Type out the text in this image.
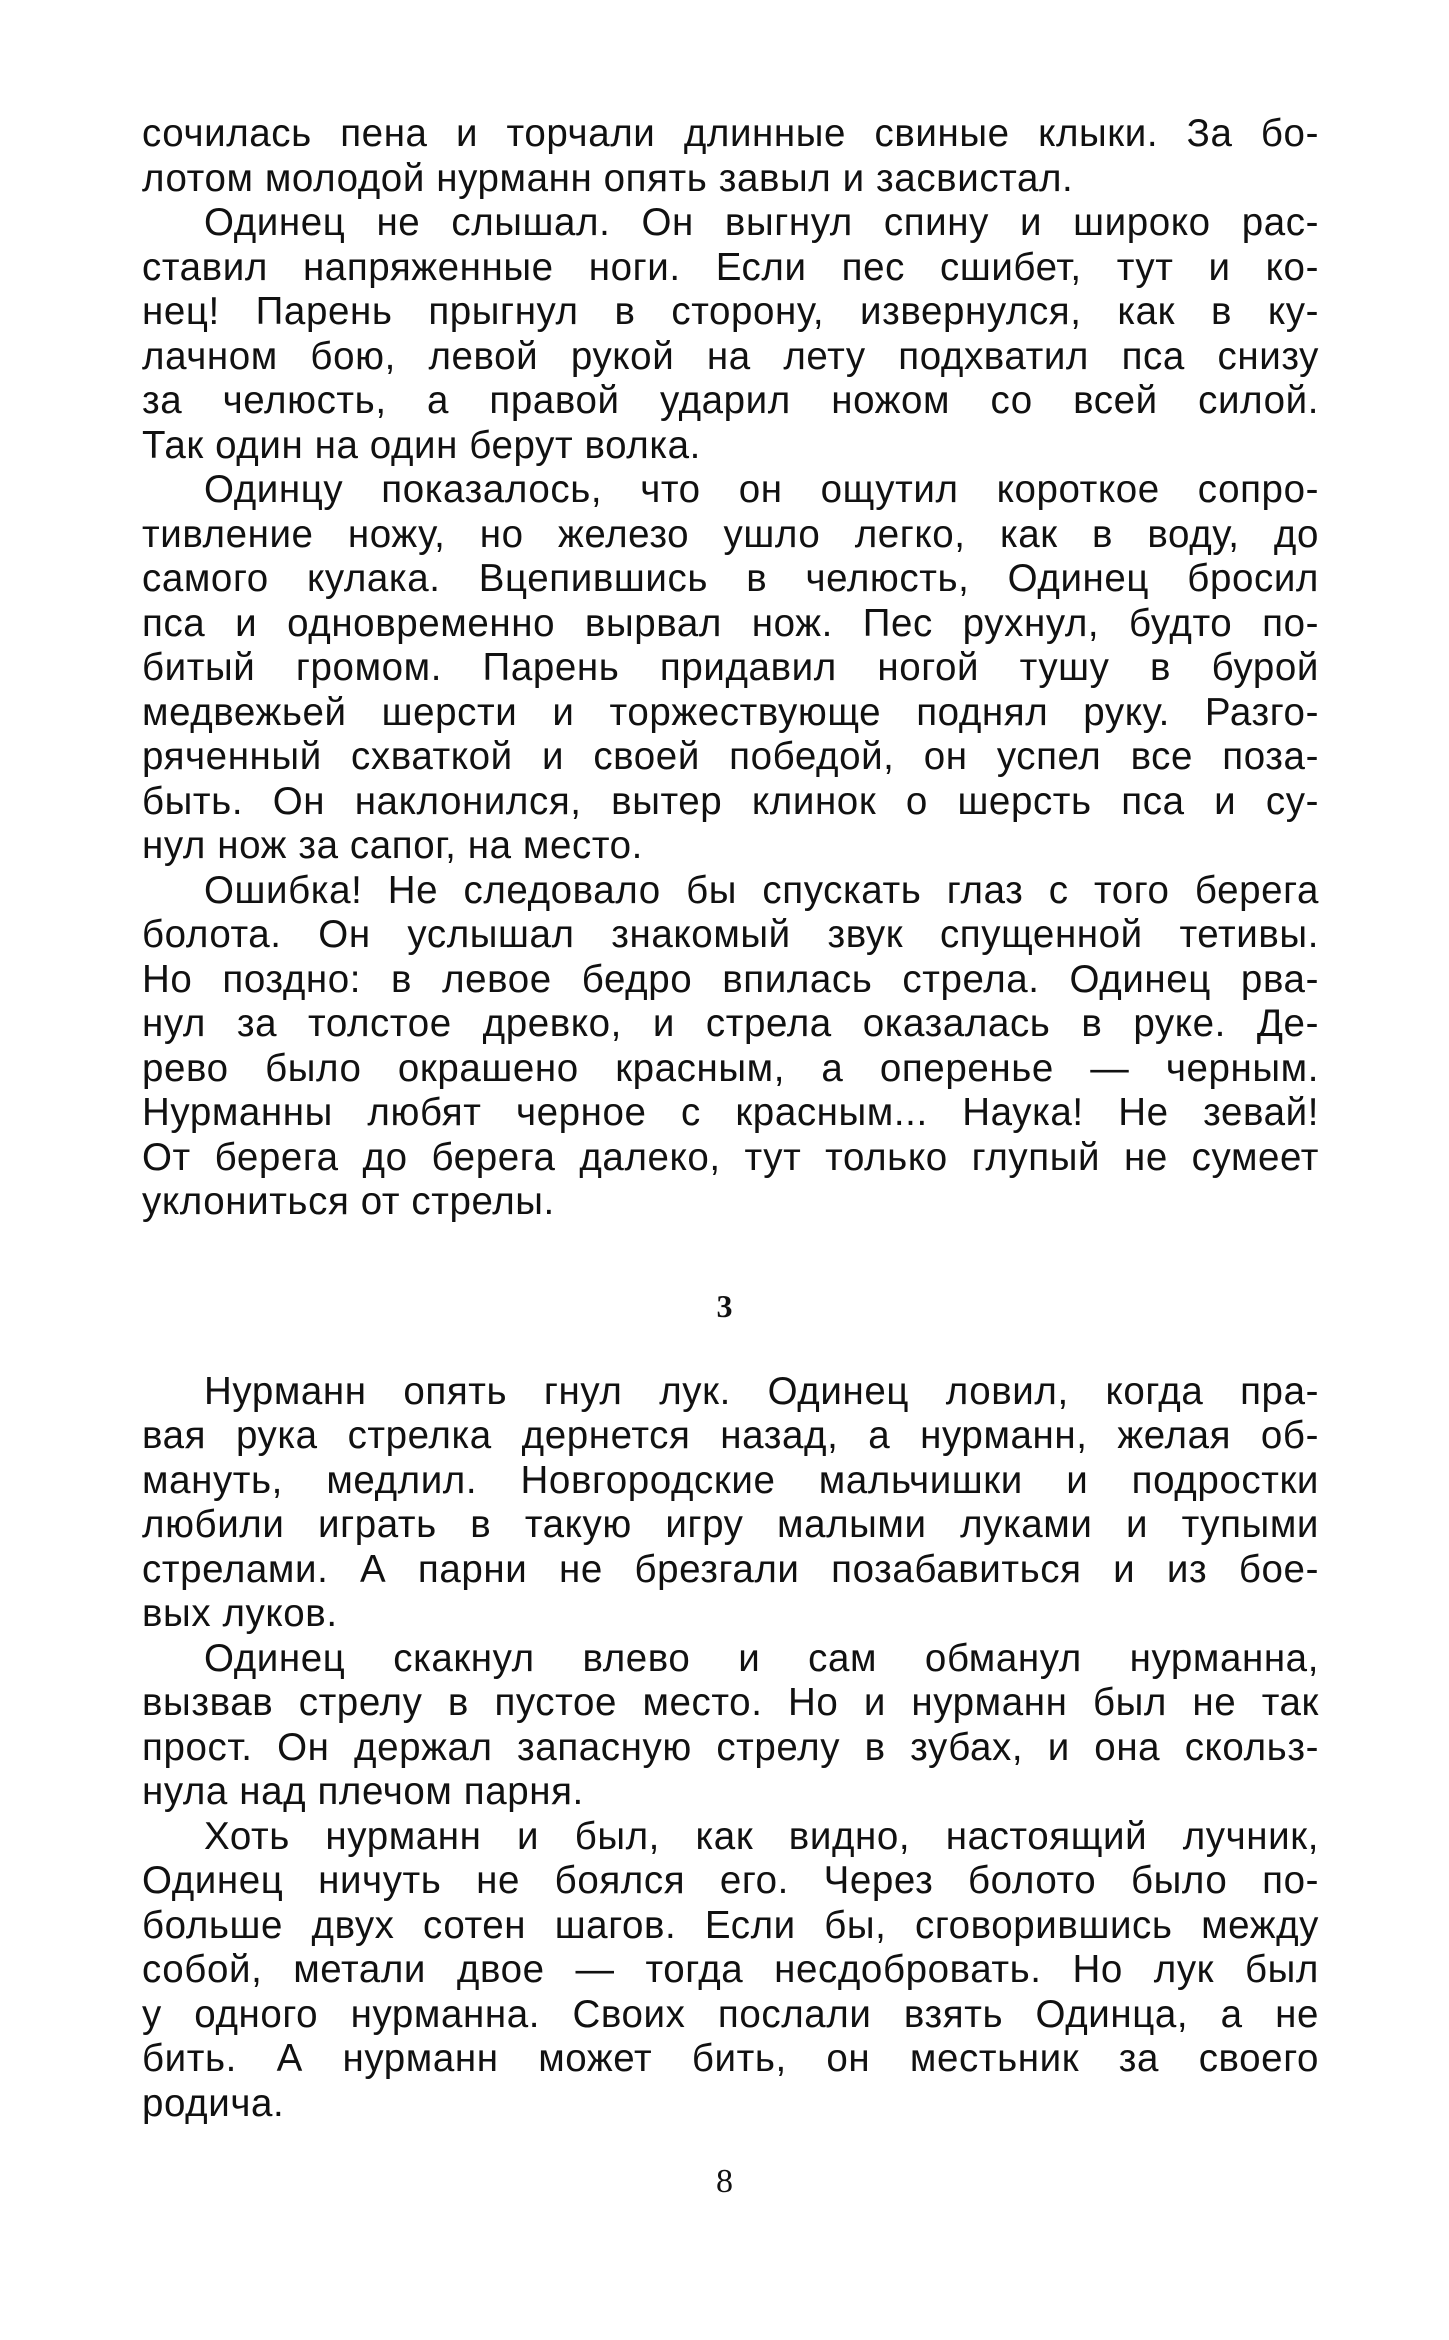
сочилась пена и торчали длинные свиные клыки. За бо-
лотом молодой нурманн опять завыл и засвистал.
Одинец не слышал. Он выгнул спину и широко рас-
ставил напряженные ноги. Если пес сшибет, тут и ко-
нец! Парень прыгнул в сторону, извернулся, как в ку-
лачном бою, левой рукой на лету подхватил пса снизу
за челюсть, а правой ударил ножом со всей силой.
Так один на один берут волка.
Одинцу показалось, что он ощутил короткое сопро-
тивление ножу, но железо ушло легко, как в воду, до
самого кулака. Вцепившись в челюсть, Одинец бросил
пса и одновременно вырвал нож. Пес рухнул, будто по-
битый громом. Парень придавил ногой тушу в бурой
медвежьей шерсти и торжествующе поднял руку. Разго-
ряченный схваткой и своей победой, он успел все поза-
быть. Он наклонился, вытер клинок о шерсть пса и су-
нул нож за сапог, на место.
Ошибка! Не следовало бы спускать глаз с того берега
болота. Он услышал знакомый звук спущенной тетивы.
Но поздно: в левое бедро впилась стрела. Одинец рва-
нул за толстое древко, и стрела оказалась в руке. Де-
рево было окрашено красным, а оперенье — черным.
Нурманны любят черное с красным... Наука! Не зевай!
От берега до берега далеко, тут только глупый не сумеет
уклониться от стрелы.
3
Нурманн опять гнул лук. Одинец ловил, когда пра-
вая рука стрелка дернется назад, а нурманн, желая об-
мануть, медлил. Новгородские мальчишки и подростки
любили играть в такую игру малыми луками и тупыми
стрелами. А парни не брезгали позабавиться и из бое-
вых луков.
Одинец скакнул влево и сам обманул нурманна,
вызвав стрелу в пустое место. Но и нурманн был не так
прост. Он держал запасную стрелу в зубах, и она скольз-
нула над плечом парня.
Хоть нурманн и был, как видно, настоящий лучник,
Одинец ничуть не боялся его. Через болото было по-
больше двух сотен шагов. Если бы, сговорившись между
собой, метали двое — тогда несдобровать. Но лук был
у одного нурманна. Своих послали взять Одинца, а не
бить. А нурманн может бить, он местьник за своего
родича.
8
